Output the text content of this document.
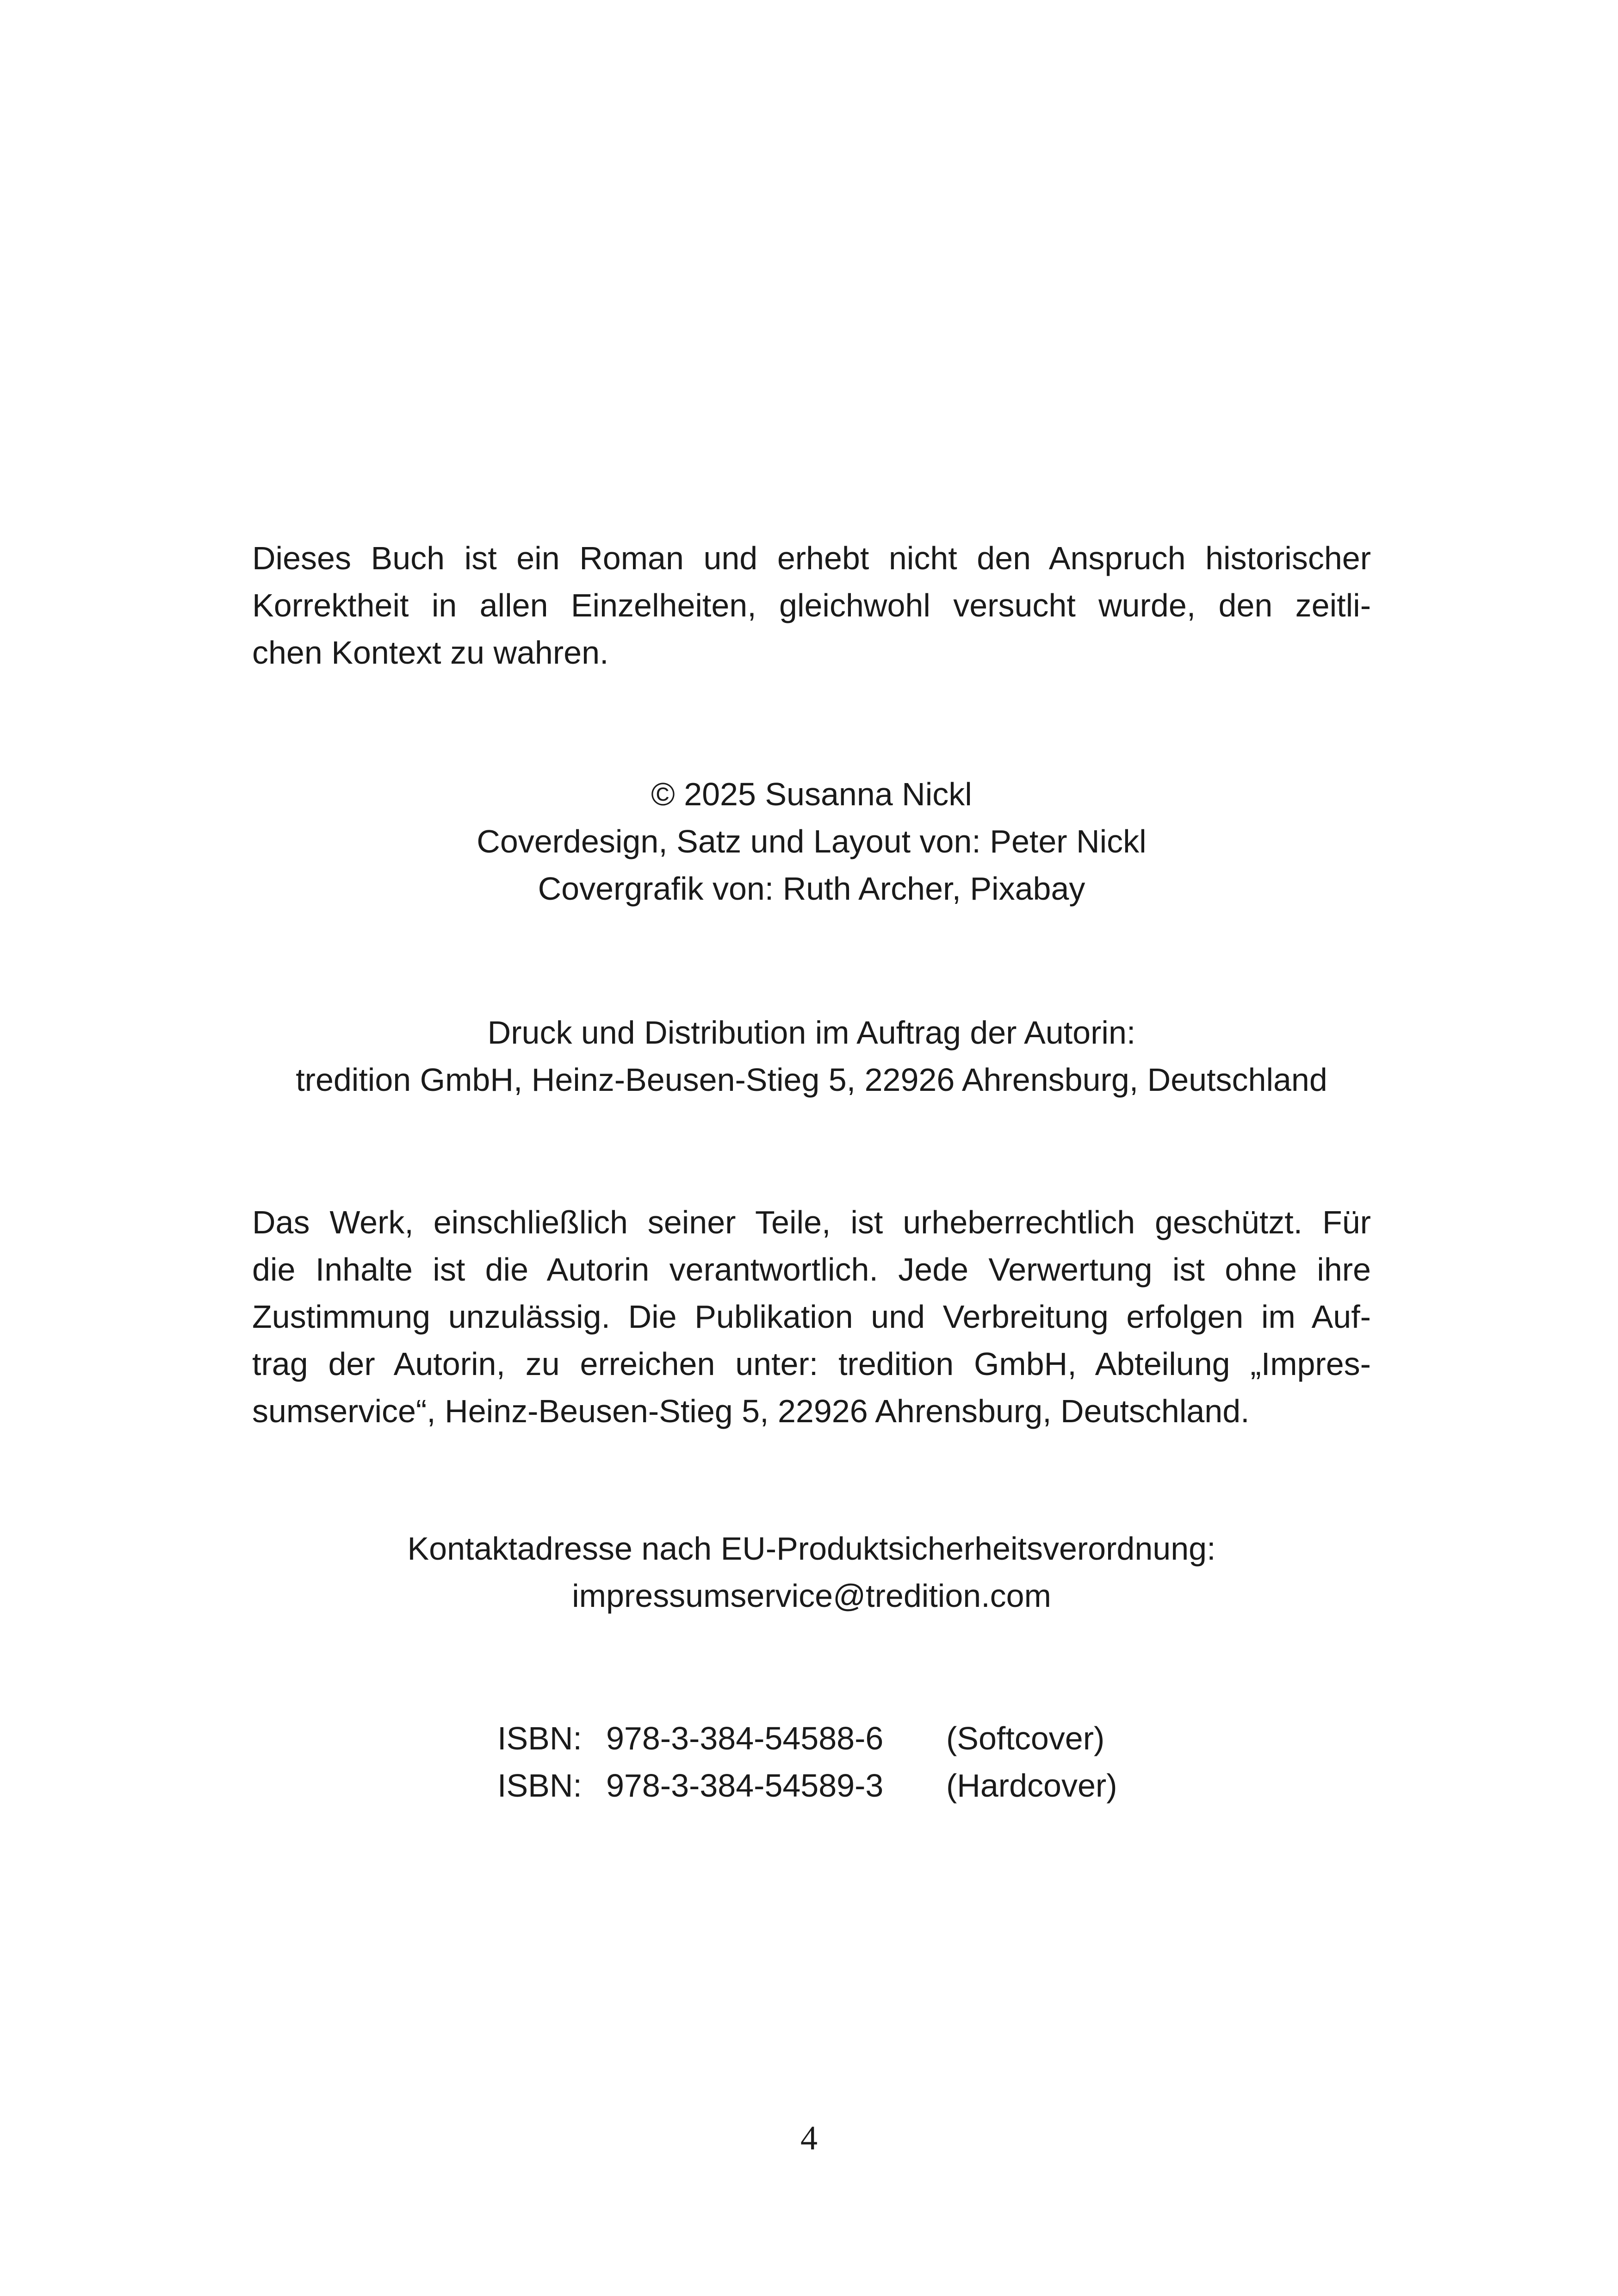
Dieses Buch ist ein Roman und erhebt nicht den Anspruch historischer
Korrektheit in allen Einzelheiten, gleichwohl versucht wurde, den zeitli-
chen Kontext zu wahren.
© 2025 Susanna Nickl
Coverdesign, Satz und Layout von: Peter Nickl
Covergrafik von: Ruth Archer, Pixabay
Druck und Distribution im Auftrag der Autorin:
tredition GmbH, Heinz-Beusen-Stieg 5, 22926 Ahrensburg, Deutschland
Das Werk, einschließlich seiner Teile, ist urheberrechtlich geschützt. Für
die Inhalte ist die Autorin verantwortlich. Jede Verwertung ist ohne ihre
Zustimmung unzulässig. Die Publikation und Verbreitung erfolgen im Auf-
trag der Autorin, zu erreichen unter: tredition GmbH, Abteilung „Impres-
sumservice“, Heinz-Beusen-Stieg 5, 22926 Ahrensburg, Deutschland.
Kontaktadresse nach EU-Produktsicherheitsverordnung:
impressumservice@tredition.com
ISBN: 978-3-384-54588-6 (Softcover)
ISBN: 978-3-384-54589-3 (Hardcover)
4
